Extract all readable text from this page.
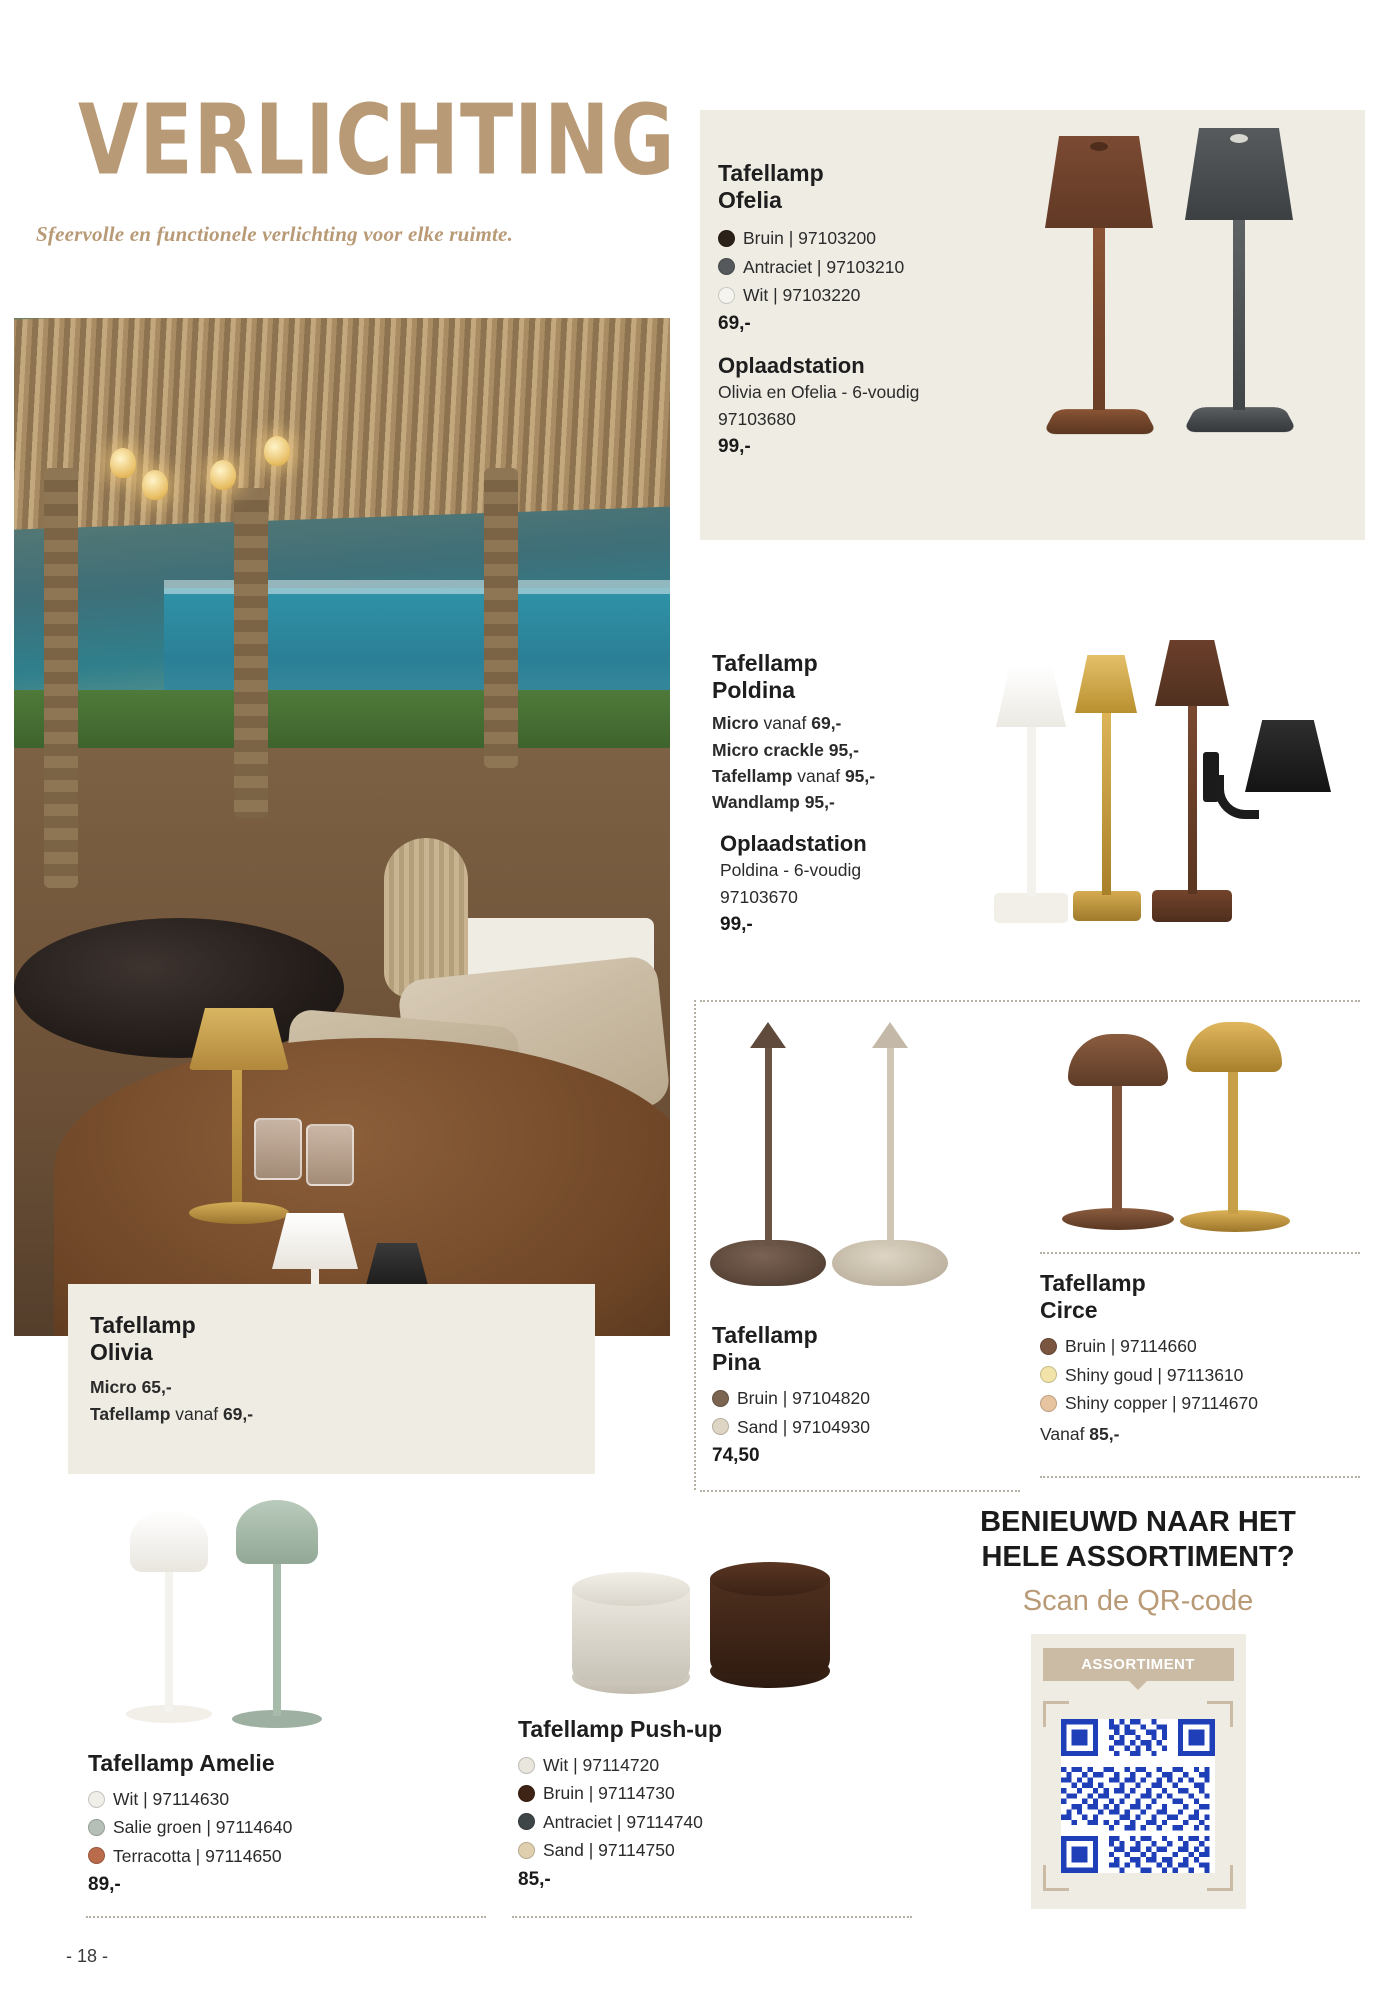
VERLICHTING
Sfeervolle en functionele verlichting voor elke ruimte.
Tafellamp
Ofelia
Bruin | 97103200
Antraciet | 97103210
Wit | 97103220
69,-
Oplaadstation
Olivia en Ofelia - 6-voudig
97103680
99,-
Tafellamp
Poldina
Micro vanaf 69,-
Micro crackle 95,-
Tafellamp vanaf 95,-
Wandlamp 95,-
Oplaadstation
Poldina - 6-voudig
97103670
99,-
Tafellamp
Pina
Bruin | 97104820
Sand | 97104930
74,50
Tafellamp
Circe
Bruin | 97114660
Shiny goud | 97113610
Shiny copper | 97114670
Vanaf 85,-
Tafellamp
Olivia
Micro 65,-
Tafellamp vanaf 69,-
Tafellamp Amelie
Wit | 97114630
Salie groen | 97114640
Terracotta | 97114650
89,-
Tafellamp Push-up
Wit | 97114720
Bruin | 97114730
Antraciet | 97114740
Sand | 97114750
85,-
BENIEUWD NAAR HET
HELE ASSORTIMENT?
Scan de QR-code
ASSORTIMENT
- 18 -
